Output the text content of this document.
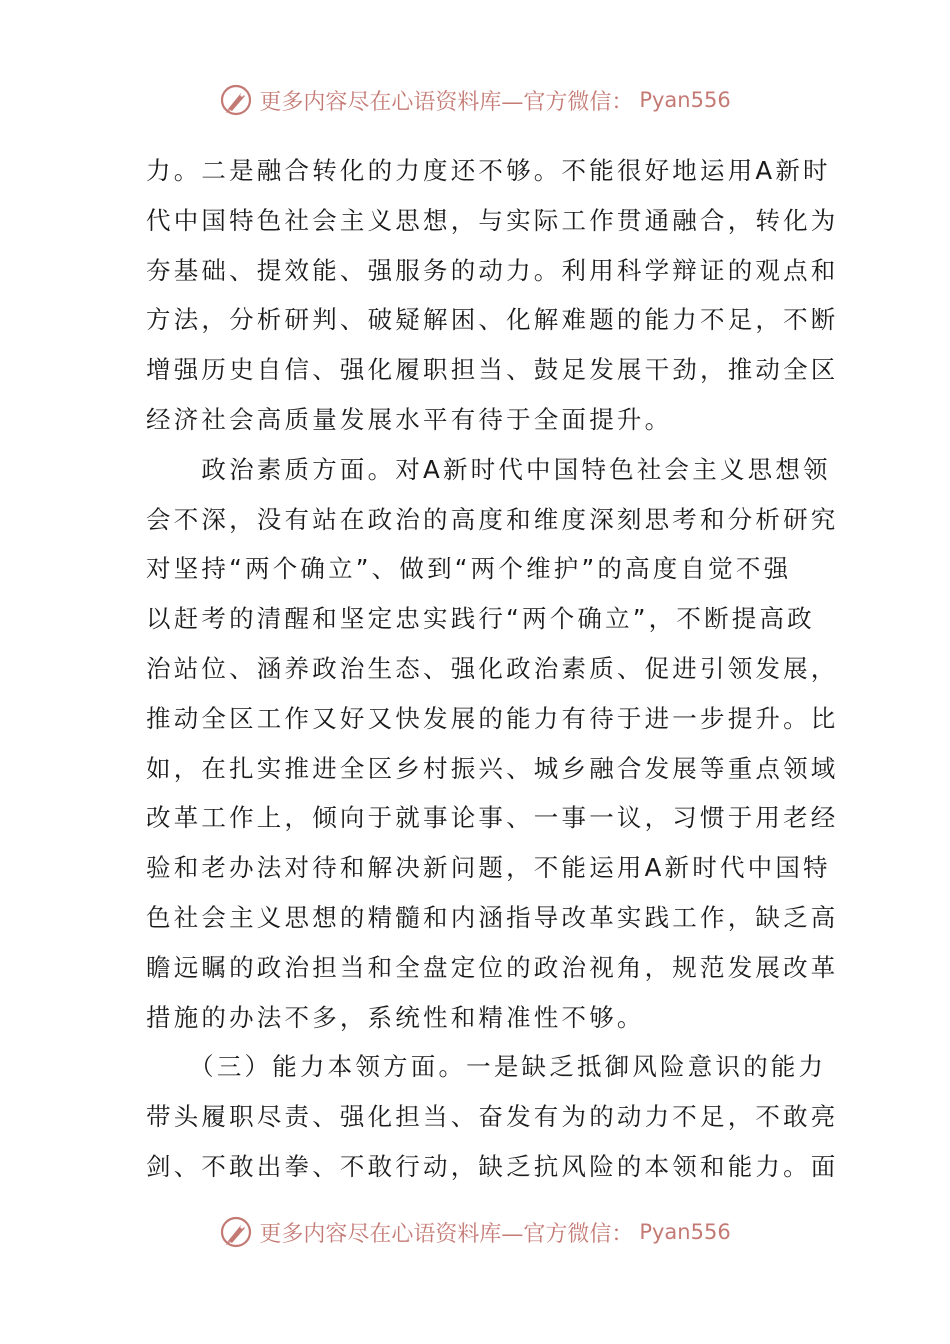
更多内容尽在心语资料库—官方微信： Pyan556
力。二是融合转化的力度还不够。不能很好地运用A新时
代中国特色社会主义思想，与实际工作贯通融合，转化为
夯基础、提效能、强服务的动力。利用科学辩证的观点和
方法，分析研判、破疑解困、化解难题的能力不足，不断
增强历史自信、强化履职担当、鼓足发展干劲，推动全区
经济社会高质量发展水平有待于全面提升。
　　政治素质方面。对A新时代中国特色社会主义思想领
会不深，没有站在政治的高度和维度深刻思考和分析研究
对坚持“两个确立”、做到“两个维护”的高度自觉不强
以赶考的清醒和坚定忠实践行“两个确立”，不断提高政
治站位、涵养政治生态、强化政治素质、促进引领发展，
推动全区工作又好又快发展的能力有待于进一步提升。比
如，在扎实推进全区乡村振兴、城乡融合发展等重点领域
改革工作上，倾向于就事论事、一事一议，习惯于用老经
验和老办法对待和解决新问题，不能运用A新时代中国特
色社会主义思想的精髓和内涵指导改革实践工作，缺乏高
瞻远瞩的政治担当和全盘定位的政治视角，规范发展改革
措施的办法不多，系统性和精准性不够。
　　（三）能力本领方面。一是缺乏抵御风险意识的能力
带头履职尽责、强化担当、奋发有为的动力不足，不敢亮
剑、不敢出拳、不敢行动，缺乏抗风险的本领和能力。面
更多内容尽在心语资料库—官方微信： Pyan556
